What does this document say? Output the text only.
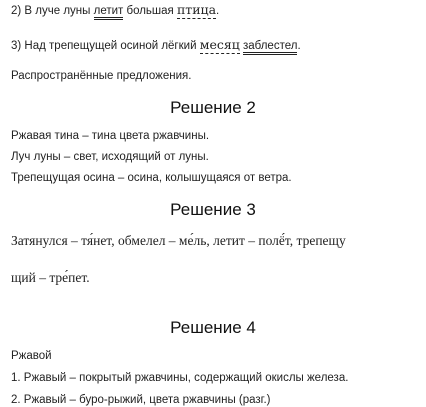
2) В луче луны летит большая птица.
3) Над трепещущей осиной лёгкий месяц заблестел.
Распространённые предложения.
Решение 2
Ржавая тина – тина цвета ржавчины.
Луч луны – свет, исходящий от луны.
Трепещущая осина – осина, колышущаяся от ветра.
Решение 3
Затянулся – тянет, обмелел – мель, летит – полёт, трепещу
щий – трепет.
Решение 4
Ржавой
1. Ржавый – покрытый ржавчины, содержащий окислы железа.
2. Ржавый – буро-рыжий, цвета ржавчины (разг.)
